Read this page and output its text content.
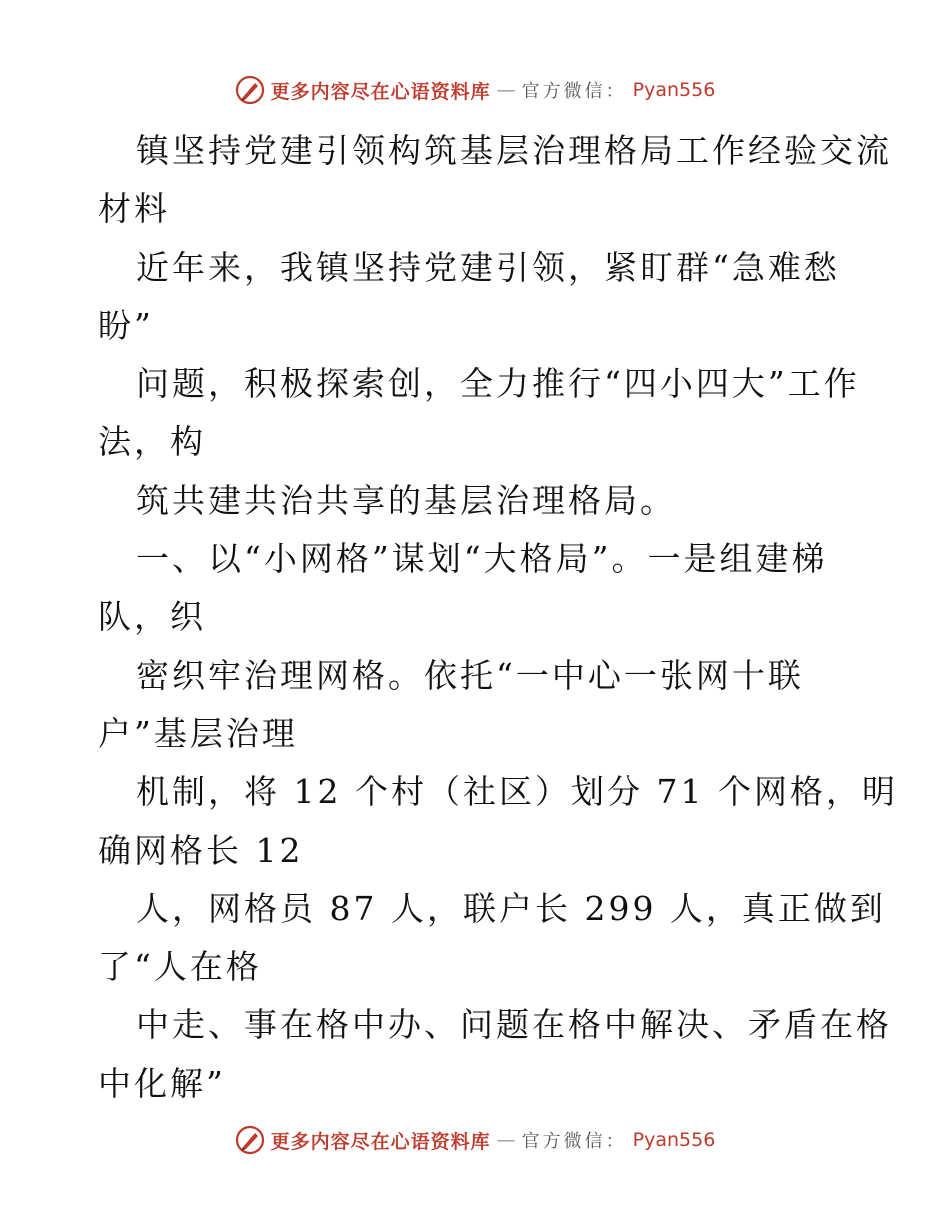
更多内容尽在心语资料库 — 官方微信： Pyan556
镇坚持党建引领构筑基层治理格局工作经验交流
材料
近年来，我镇坚持党建引领，紧盯群“急难愁
盼”
问题，积极探索创，全力推行“四小四大”工作
法，构
筑共建共治共享的基层治理格局。
一、以“小网格”谋划“大格局”。一是组建梯
队，织
密织牢治理网格。依托“一中心一张网十联
户”基层治理
机制，将 12 个村（社区）划分 71 个网格，明
确网格长 12
人，网格员 87 人，联户长 299 人，真正做到
了“人在格
中走、事在格中办、问题在格中解决、矛盾在格
中化解”
更多内容尽在心语资料库 — 官方微信： Pyan556
